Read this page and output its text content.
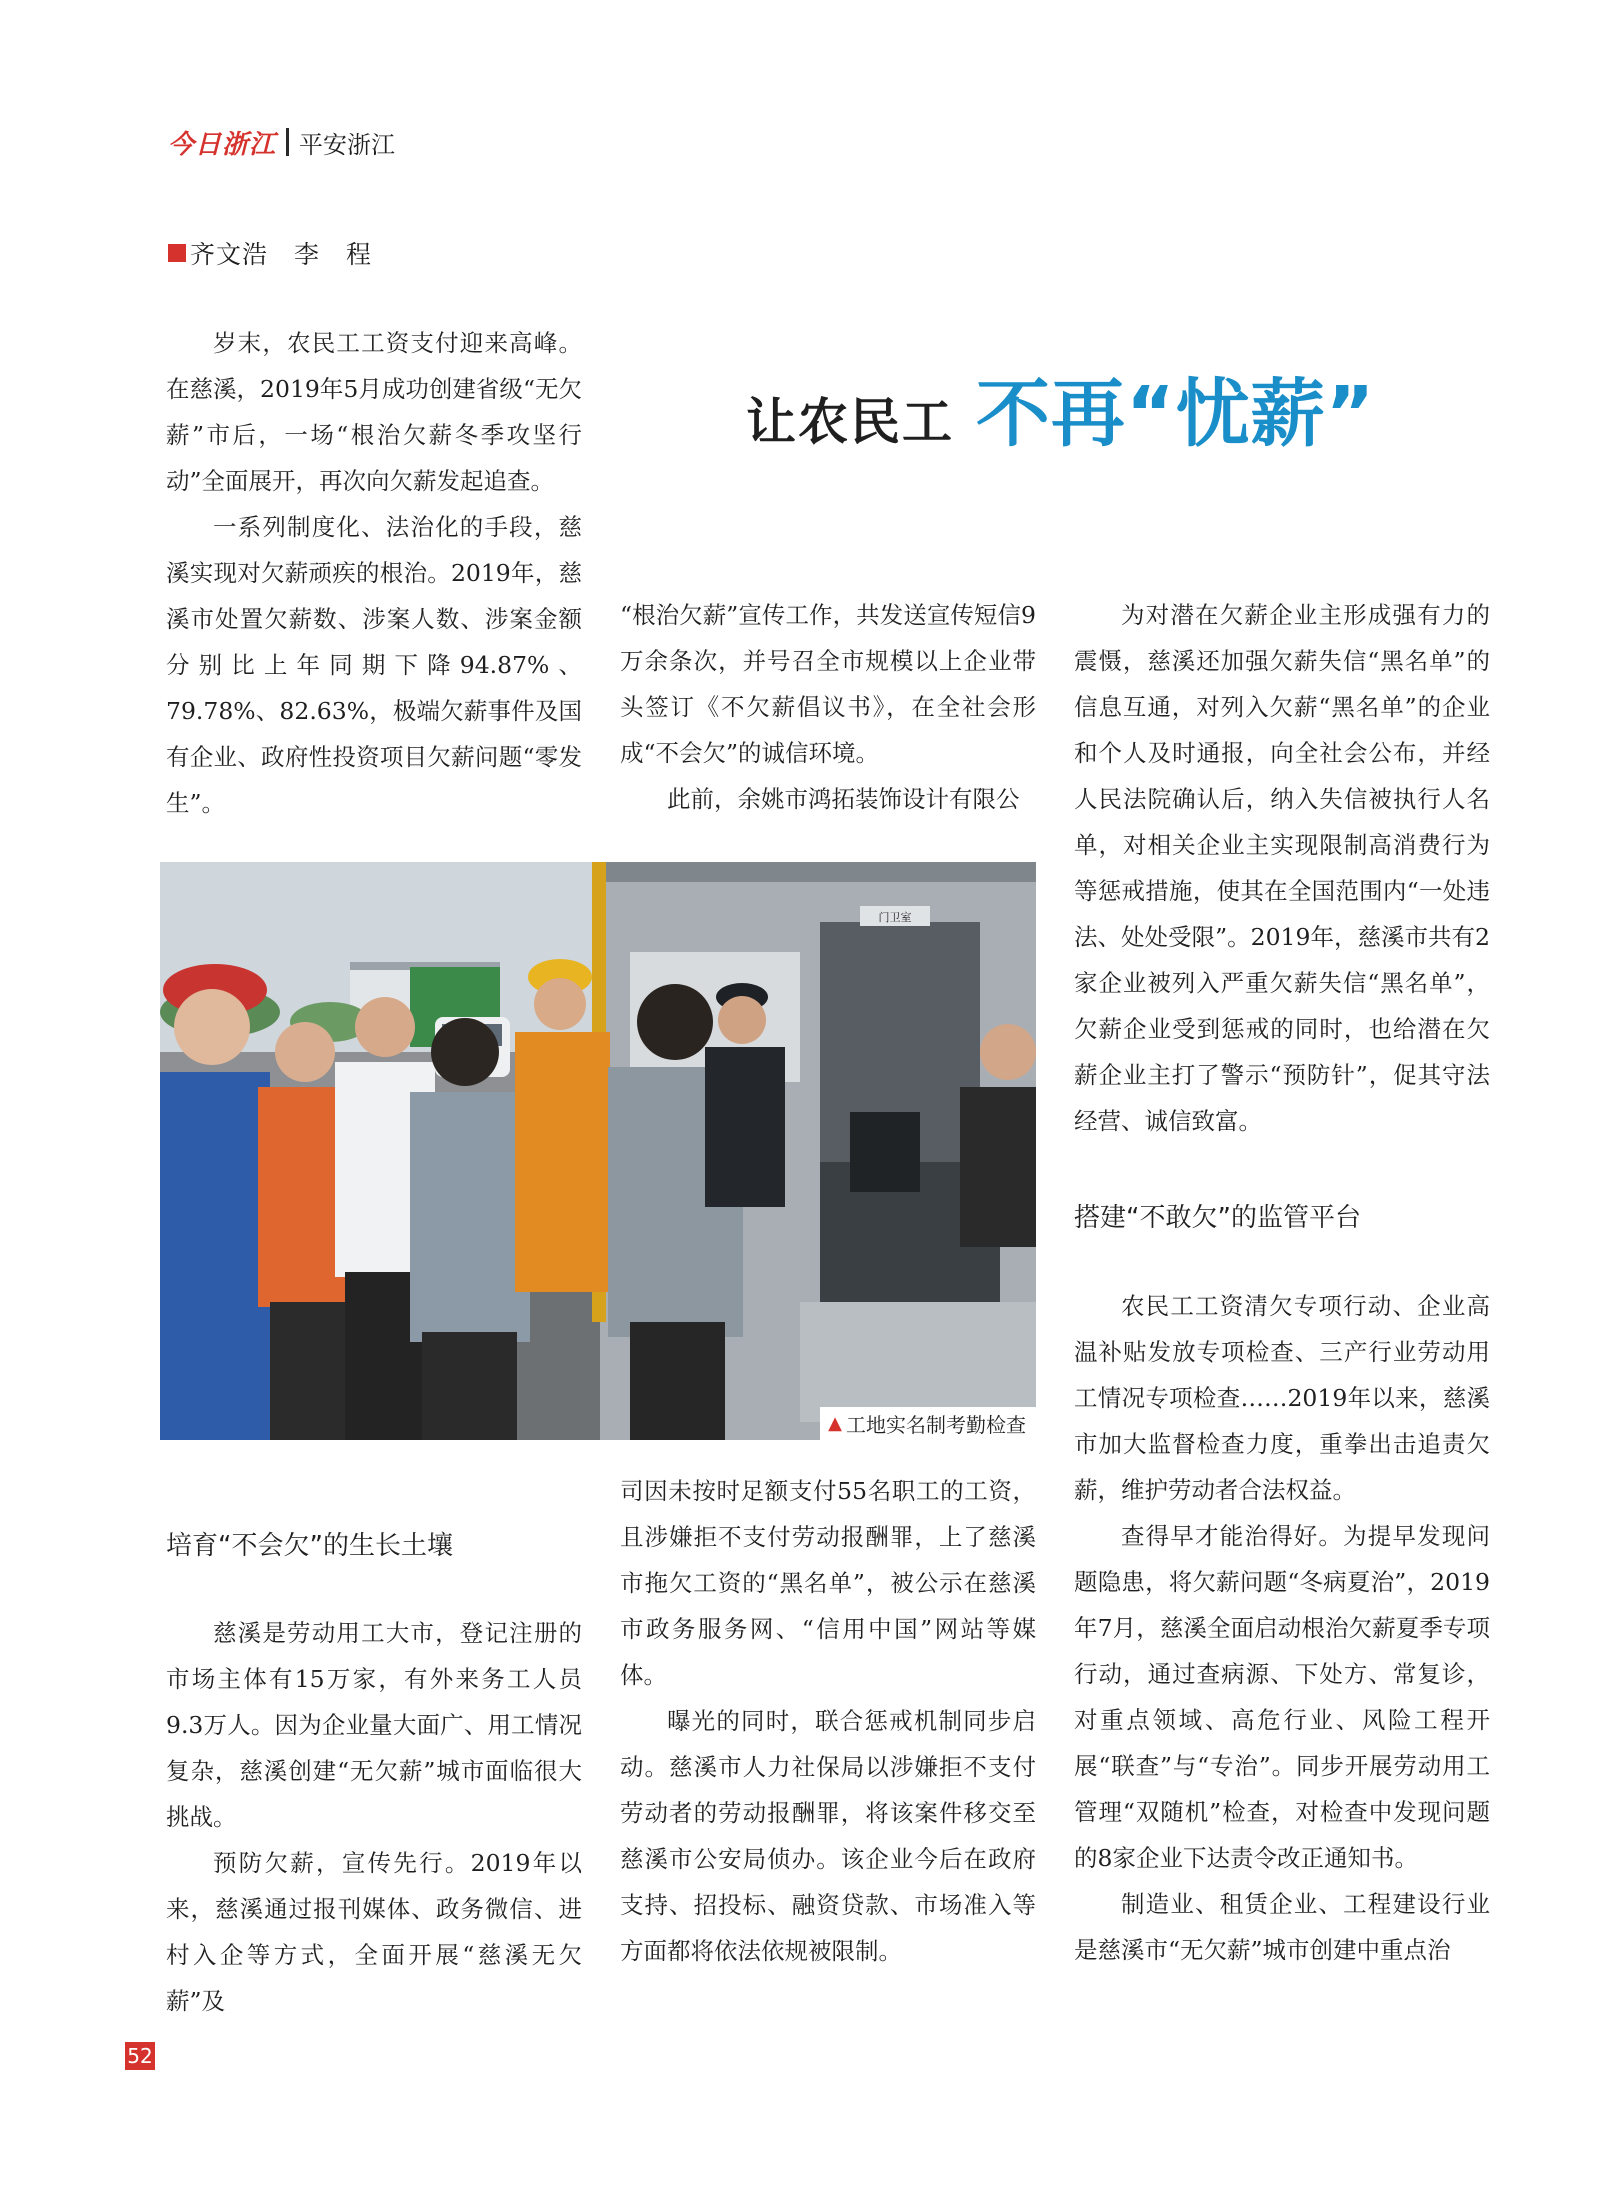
今日浙江 平安浙江
齐文浩　李　程
让农民工 不再“忧薪”

岁末，农民工工资支付迎来高峰。在慈溪，2019年5月成功创建省级“无欠薪”市后，一场“根治欠薪冬季攻坚行动”全面展开，再次向欠薪发起追查。

一系列制度化、法治化的手段，慈溪实现对欠薪顽疾的根治。2019年，慈溪市处置欠薪数、涉案人数、涉案金额分别比上年同期下降94.87%、79.78%、82.63%，极端欠薪事件及国有企业、政府性投资项目欠薪问题“零发生”。

“根治欠薪”宣传工作，共发送宣传短信9万余条次，并号召全市规模以上企业带头签订《不欠薪倡议书》，在全社会形成“不会欠”的诚信环境。

此前，余姚市鸿拓装饰设计有限公

为对潜在欠薪企业主形成强有力的震慑，慈溪还加强欠薪失信“黑名单”的信息互通，对列入欠薪“黑名单”的企业和个人及时通报，向全社会公布，并经人民法院确认后，纳入失信被执行人名单，对相关企业主实现限制高消费行为等惩戒措施，使其在全国范围内“一处违法、处处受限”。2019年，慈溪市共有2家企业被列入严重欠薪失信“黑名单”，欠薪企业受到惩戒的同时，也给潜在欠薪企业主打了警示“预防针”，促其守法经营、诚信致富。

搭建“不敢欠”的监管平台

农民工工资清欠专项行动、企业高温补贴发放专项检查、三产行业劳动用工情况专项检查……2019年以来，慈溪市加大监督检查力度，重拳出击追责欠薪，维护劳动者合法权益。

查得早才能治得好。为提早发现问题隐患，将欠薪问题“冬病夏治”，2019年7月，慈溪全面启动根治欠薪夏季专项行动，通过查病源、下处方、常复诊，对重点领域、高危行业、风险工程开展“联查”与“专治”。同步开展劳动用工管理“双随机”检查，对检查中发现问题的8家企业下达责令改正通知书。

制造业、租赁企业、工程建设行业是慈溪市“无欠薪”城市创建中重点治

门卫室
▲ 工地实名制考勤检查
培育“不会欠”的生长土壤

慈溪是劳动用工大市，登记注册的市场主体有15万家，有外来务工人员9.3万人。因为企业量大面广、用工情况复杂，慈溪创建“无欠薪”城市面临很大挑战。

预防欠薪，宣传先行。2019年以来，慈溪通过报刊媒体、政务微信、进村入企等方式，全面开展“慈溪无欠薪”及

司因未按时足额支付55名职工的工资，且涉嫌拒不支付劳动报酬罪，上了慈溪市拖欠工资的“黑名单”，被公示在慈溪市政务服务网、“信用中国”网站等媒体。

曝光的同时，联合惩戒机制同步启动。慈溪市人力社保局以涉嫌拒不支付劳动者的劳动报酬罪，将该案件移交至慈溪市公安局侦办。该企业今后在政府支持、招投标、融资贷款、市场准入等方面都将依法依规被限制。

52
